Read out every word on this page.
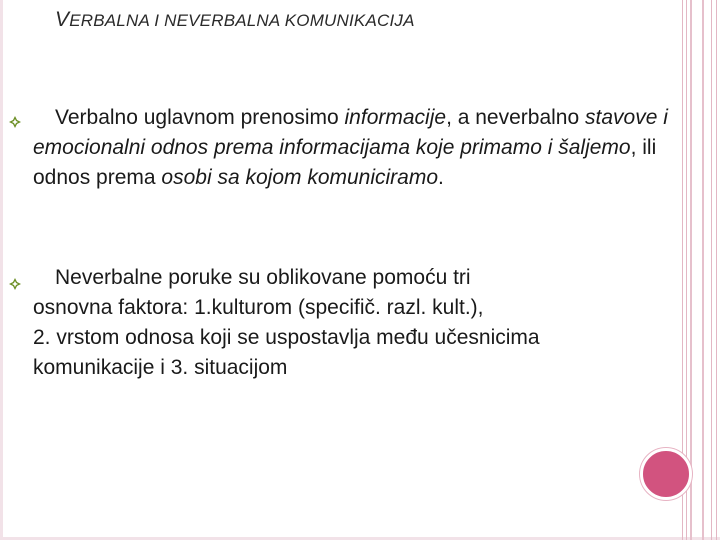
VERBALNA I NEVERBALNA KOMUNIKACIJA
Verbalno uglavnom prenosimo informacije, a neverbalno stavove i emocionalni odnos prema informacijama koje primamo i šaljemo, ili odnos prema osobi sa kojom komuniciramo.
Neverbalne poruke su oblikovane pomoću tri
osnovna faktora: 1.kulturom (specifič. razl. kult.),
2. vrstom odnosa koji se uspostavlja među učesnicima
komunikacije i 3. situacijom
